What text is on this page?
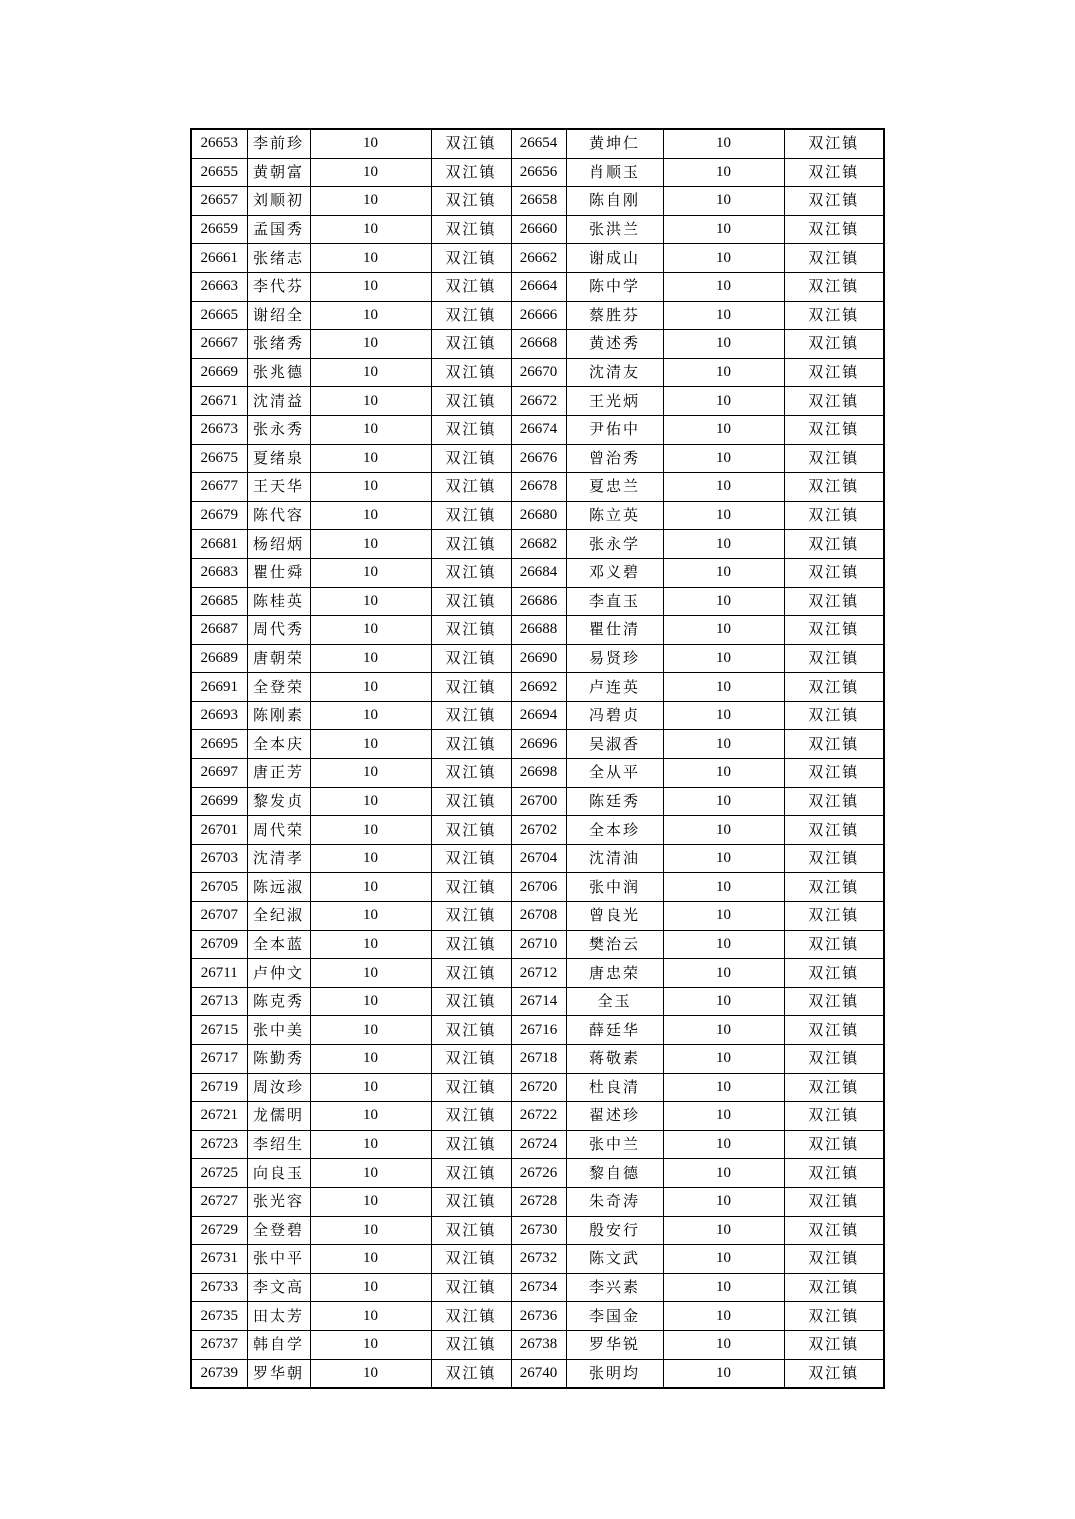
26653	李前珍	10	双江镇	26654	黄坤仁	10	双江镇
26655	黄朝富	10	双江镇	26656	肖顺玉	10	双江镇
26657	刘顺初	10	双江镇	26658	陈自刚	10	双江镇
26659	孟国秀	10	双江镇	26660	张洪兰	10	双江镇
26661	张绪志	10	双江镇	26662	谢成山	10	双江镇
26663	李代芬	10	双江镇	26664	陈中学	10	双江镇
26665	谢绍全	10	双江镇	26666	蔡胜芬	10	双江镇
26667	张绪秀	10	双江镇	26668	黄述秀	10	双江镇
26669	张兆德	10	双江镇	26670	沈清友	10	双江镇
26671	沈清益	10	双江镇	26672	王光炳	10	双江镇
26673	张永秀	10	双江镇	26674	尹佑中	10	双江镇
26675	夏绪泉	10	双江镇	26676	曾治秀	10	双江镇
26677	王天华	10	双江镇	26678	夏忠兰	10	双江镇
26679	陈代容	10	双江镇	26680	陈立英	10	双江镇
26681	杨绍炳	10	双江镇	26682	张永学	10	双江镇
26683	瞿仕舜	10	双江镇	26684	邓义碧	10	双江镇
26685	陈桂英	10	双江镇	26686	李直玉	10	双江镇
26687	周代秀	10	双江镇	26688	瞿仕清	10	双江镇
26689	唐朝荣	10	双江镇	26690	易贤珍	10	双江镇
26691	全登荣	10	双江镇	26692	卢连英	10	双江镇
26693	陈刚素	10	双江镇	26694	冯碧贞	10	双江镇
26695	全本庆	10	双江镇	26696	吴淑香	10	双江镇
26697	唐正芳	10	双江镇	26698	全从平	10	双江镇
26699	黎发贞	10	双江镇	26700	陈廷秀	10	双江镇
26701	周代荣	10	双江镇	26702	全本珍	10	双江镇
26703	沈清孝	10	双江镇	26704	沈清油	10	双江镇
26705	陈远淑	10	双江镇	26706	张中润	10	双江镇
26707	全纪淑	10	双江镇	26708	曾良光	10	双江镇
26709	全本蓝	10	双江镇	26710	樊治云	10	双江镇
26711	卢仲文	10	双江镇	26712	唐忠荣	10	双江镇
26713	陈克秀	10	双江镇	26714	全玉	10	双江镇
26715	张中美	10	双江镇	26716	薛廷华	10	双江镇
26717	陈勤秀	10	双江镇	26718	蒋敬素	10	双江镇
26719	周汝珍	10	双江镇	26720	杜良清	10	双江镇
26721	龙儒明	10	双江镇	26722	翟述珍	10	双江镇
26723	李绍生	10	双江镇	26724	张中兰	10	双江镇
26725	向良玉	10	双江镇	26726	黎自德	10	双江镇
26727	张光容	10	双江镇	26728	朱奇涛	10	双江镇
26729	全登碧	10	双江镇	26730	殷安行	10	双江镇
26731	张中平	10	双江镇	26732	陈文武	10	双江镇
26733	李文高	10	双江镇	26734	李兴素	10	双江镇
26735	田太芳	10	双江镇	26736	李国金	10	双江镇
26737	韩自学	10	双江镇	26738	罗华锐	10	双江镇
26739	罗华朝	10	双江镇	26740	张明均	10	双江镇
